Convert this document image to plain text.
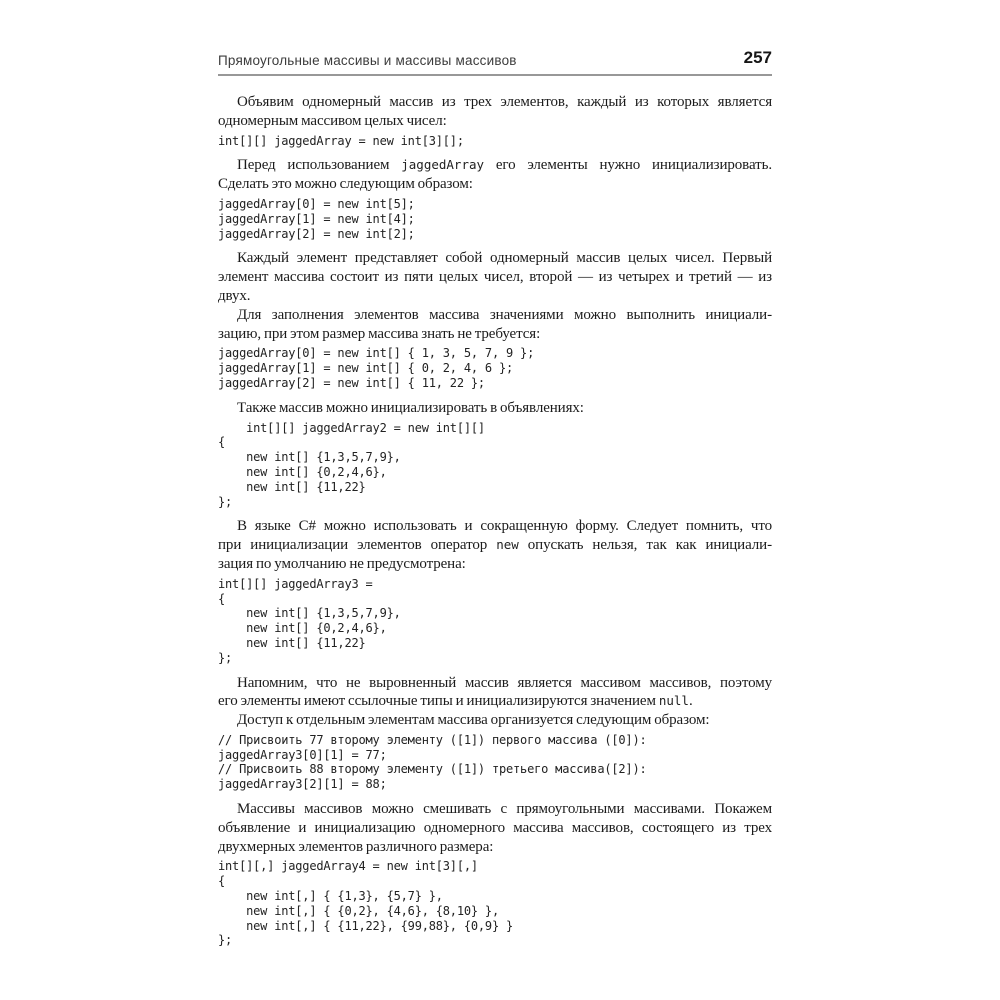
Прямоугольные массивы и массивы массивов	257
Объявим одномерный массив из трех элементов, каждый из которых является
одномерным массивом целых чисел:
int[][] jaggedArray = new int[3][];
Перед использованием jaggedArray его элементы нужно инициализировать.
Сделать это можно следующим образом:
jaggedArray[0] = new int[5];
jaggedArray[1] = new int[4];
jaggedArray[2] = new int[2];
Каждый элемент представляет собой одномерный массив целых чисел. Первый
элемент массива состоит из пяти целых чисел, второй — из четырех и третий — из
двух.
Для заполнения элементов массива значениями можно выполнить инициали-
зацию, при этом размер массива знать не требуется:
jaggedArray[0] = new int[] { 1, 3, 5, 7, 9 };
jaggedArray[1] = new int[] { 0, 2, 4, 6 };
jaggedArray[2] = new int[] { 11, 22 };
Также массив можно инициализировать в объявлениях:
int[][] jaggedArray2 = new int[][]
{
new int[] {1,3,5,7,9},
new int[] {0,2,4,6},
new int[] {11,22}
};
В языке C# можно использовать и сокращенную форму. Следует помнить, что
при инициализации элементов оператор new опускать нельзя, так как инициали-
зация по умолчанию не предусмотрена:
int[][] jaggedArray3 =
{
new int[] {1,3,5,7,9},
new int[] {0,2,4,6},
new int[] {11,22}
};
Напомним, что не выровненный массив является массивом массивов, поэтому
его элементы имеют ссылочные типы и инициализируются значением null.
Доступ к отдельным элементам массива организуется следующим образом:
// Присвоить 77 второму элементу ([1]) первого массива ([0]):
jaggedArray3[0][1] = 77;
// Присвоить 88 второму элементу ([1]) третьего массива([2]):
jaggedArray3[2][1] = 88;
Массивы массивов можно смешивать с прямоугольными массивами. Покажем
объявление и инициализацию одномерного массива массивов, состоящего из трех
двухмерных элементов различного размера:
int[][,] jaggedArray4 = new int[3][,]
{
new int[,] { {1,3}, {5,7} },
new int[,] { {0,2}, {4,6}, {8,10} },
new int[,] { {11,22}, {99,88}, {0,9} }
};
